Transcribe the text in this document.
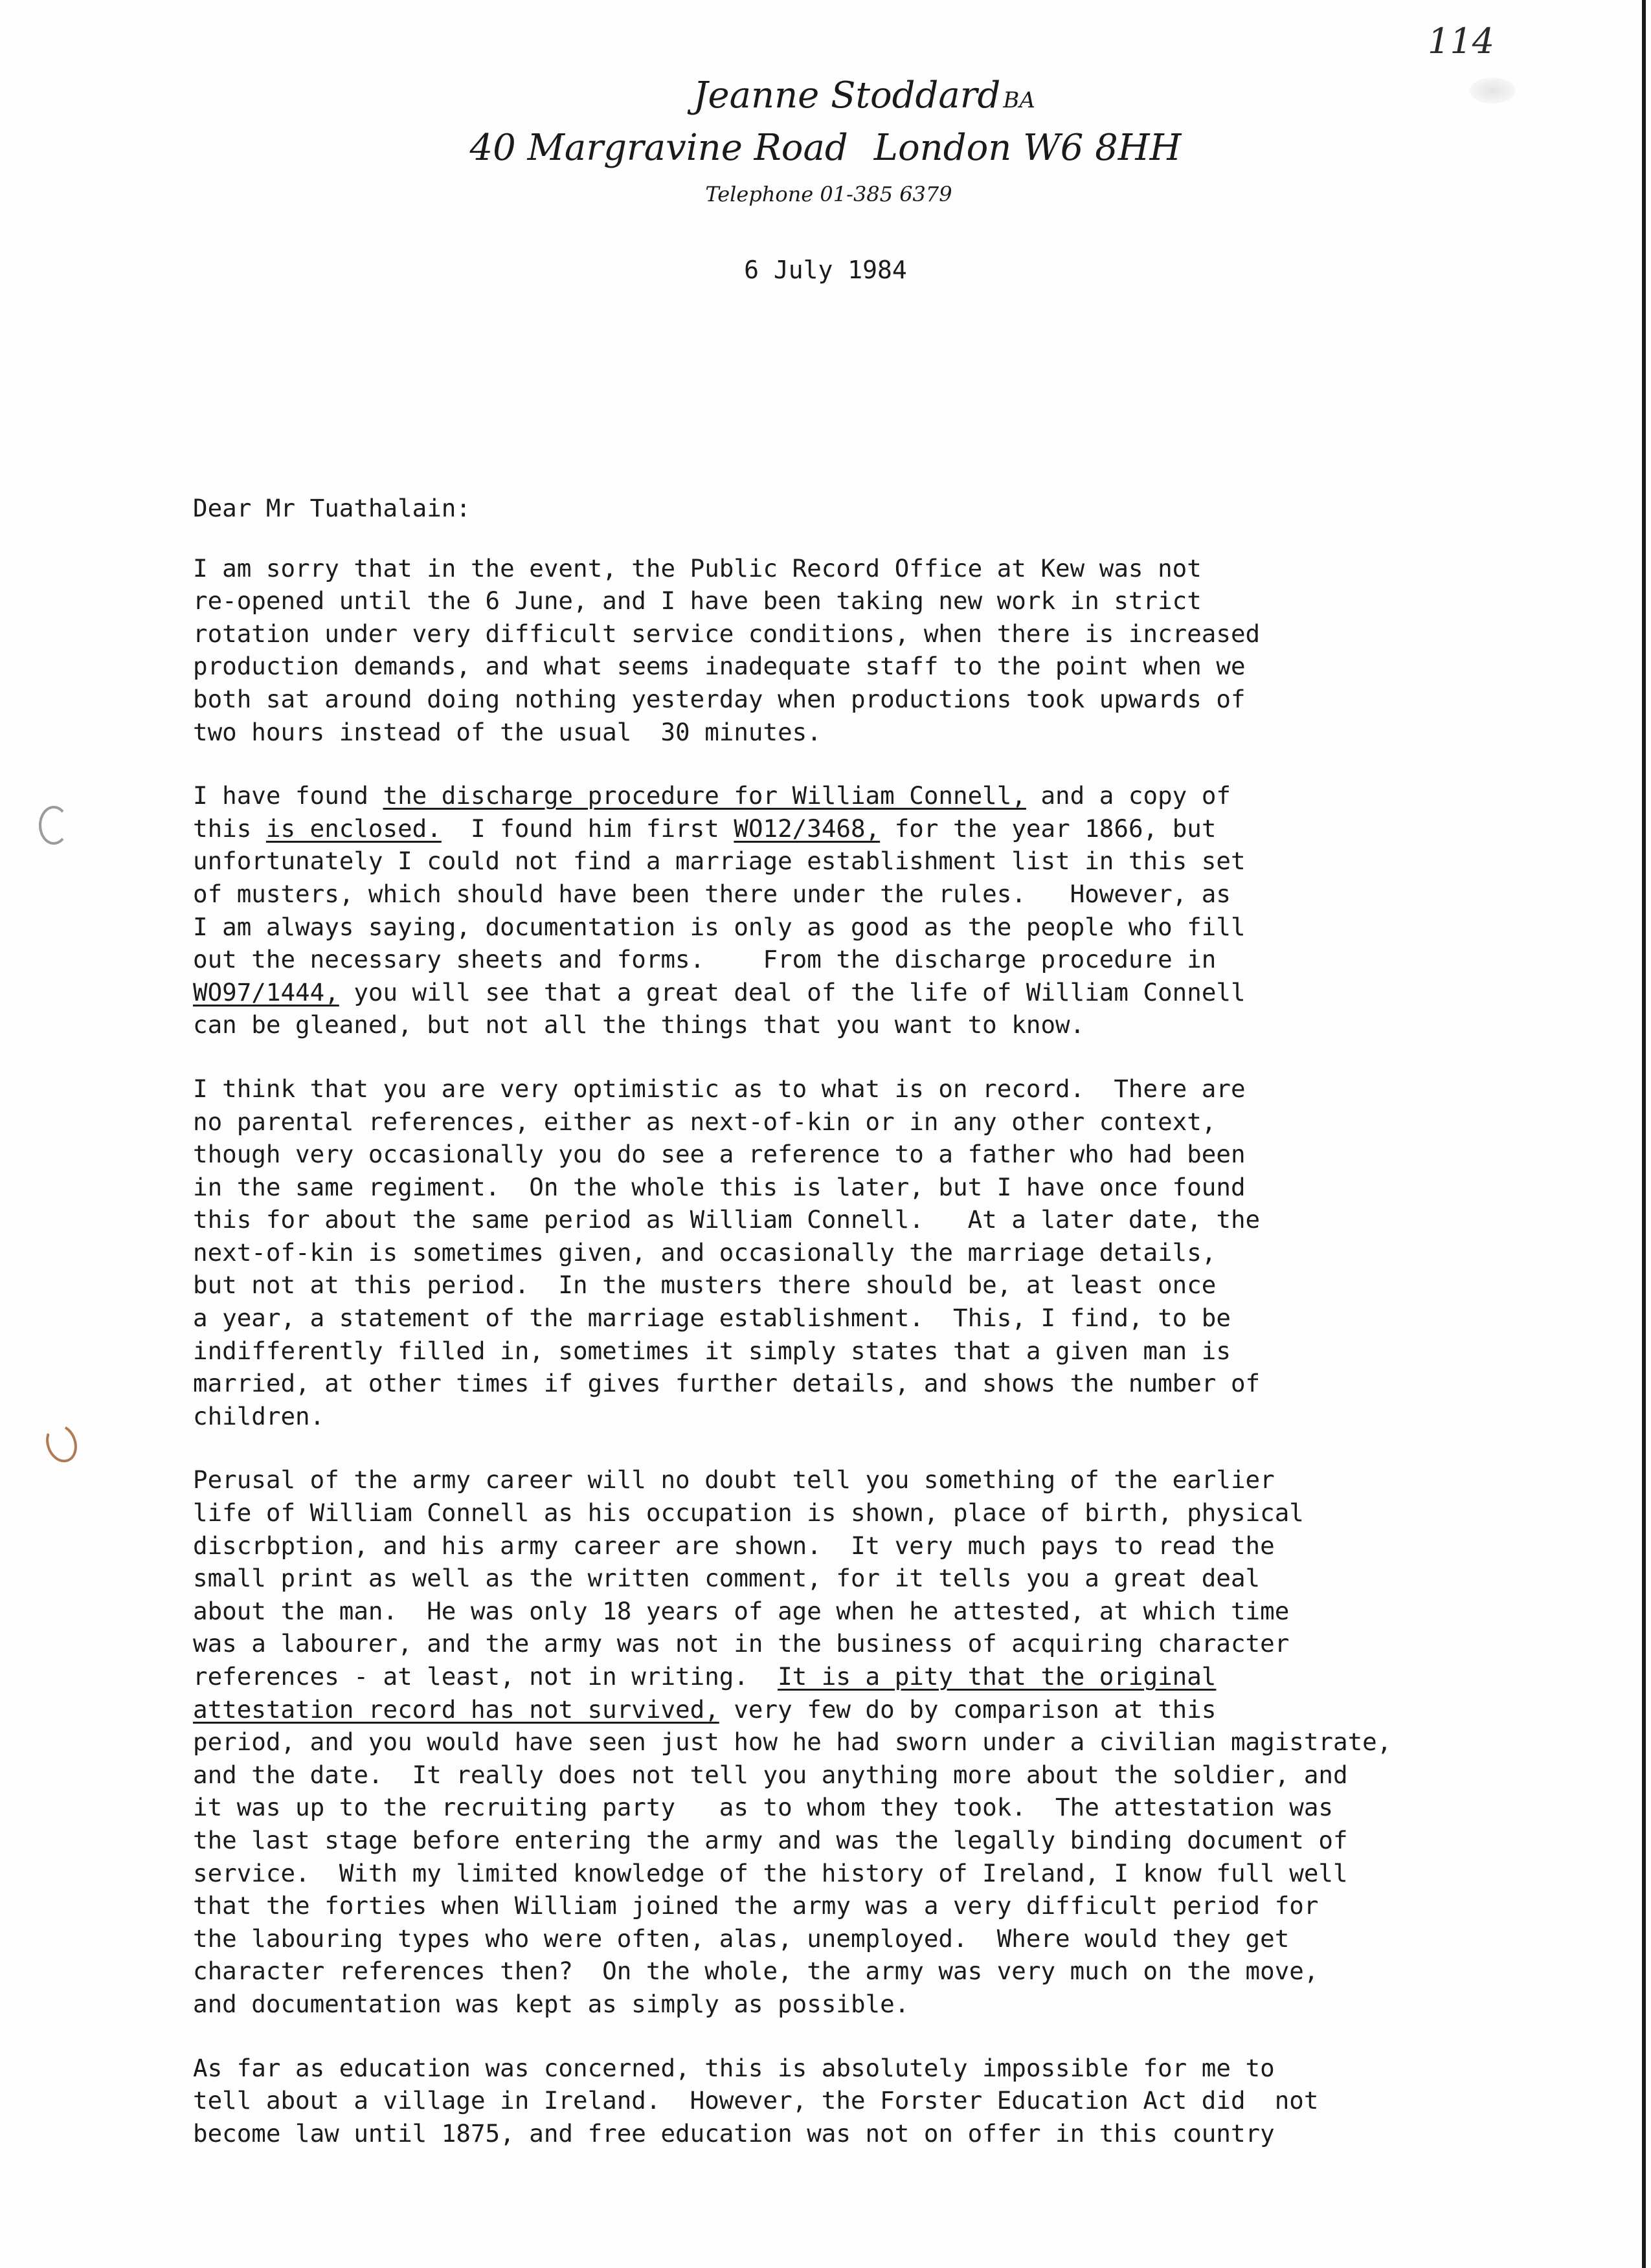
114
Jeanne Stoddard BA
40 Margravine Road London W6 8HH
Telephone 01-385 6379
6 July 1984
Dear Mr Tuathalain:
I am sorry that in the event, the Public Record Office at Kew was not
re-opened until the 6 June, and I have been taking new work in strict
rotation under very difficult service conditions, when there is increased
production demands, and what seems inadequate staff to the point when we
both sat around doing nothing yesterday when productions took upwards of
two hours instead of the usual  30 minutes.
I have found the discharge procedure for William Connell, and a copy of
this is enclosed.  I found him first WO12/3468, for the year 1866, but
unfortunately I could not find a marriage establishment list in this set
of musters, which should have been there under the rules.   However, as
I am always saying, documentation is only as good as the people who fill
out the necessary sheets and forms.    From the discharge procedure in
WO97/1444, you will see that a great deal of the life of William Connell
can be gleaned, but not all the things that you want to know.
I think that you are very optimistic as to what is on record.  There are
no parental references, either as next-of-kin or in any other context,
though very occasionally you do see a reference to a father who had been
in the same regiment.  On the whole this is later, but I have once found
this for about the same period as William Connell.   At a later date, the
next-of-kin is sometimes given, and occasionally the marriage details,
but not at this period.  In the musters there should be, at least once
a year, a statement of the marriage establishment.  This, I find, to be
indifferently filled in, sometimes it simply states that a given man is
married, at other times if gives further details, and shows the number of
children.
Perusal of the army career will no doubt tell you something of the earlier
life of William Connell as his occupation is shown, place of birth, physical
discrbption, and his army career are shown.  It very much pays to read the
small print as well as the written comment, for it tells you a great deal
about the man.  He was only 18 years of age when he attested, at which time
was a labourer, and the army was not in the business of acquiring character
references - at least, not in writing.  It is a pity that the original
attestation record has not survived, very few do by comparison at this
period, and you would have seen just how he had sworn under a civilian magistrate,
and the date.  It really does not tell you anything more about the soldier, and
it was up to the recruiting party   as to whom they took.  The attestation was
the last stage before entering the army and was the legally binding document of
service.  With my limited knowledge of the history of Ireland, I know full well
that the forties when William joined the army was a very difficult period for
the labouring types who were often, alas, unemployed.  Where would they get
character references then?  On the whole, the army was very much on the move,
and documentation was kept as simply as possible.
As far as education was concerned, this is absolutely impossible for me to
tell about a village in Ireland.  However, the Forster Education Act did  not
become law until 1875, and free education was not on offer in this country
